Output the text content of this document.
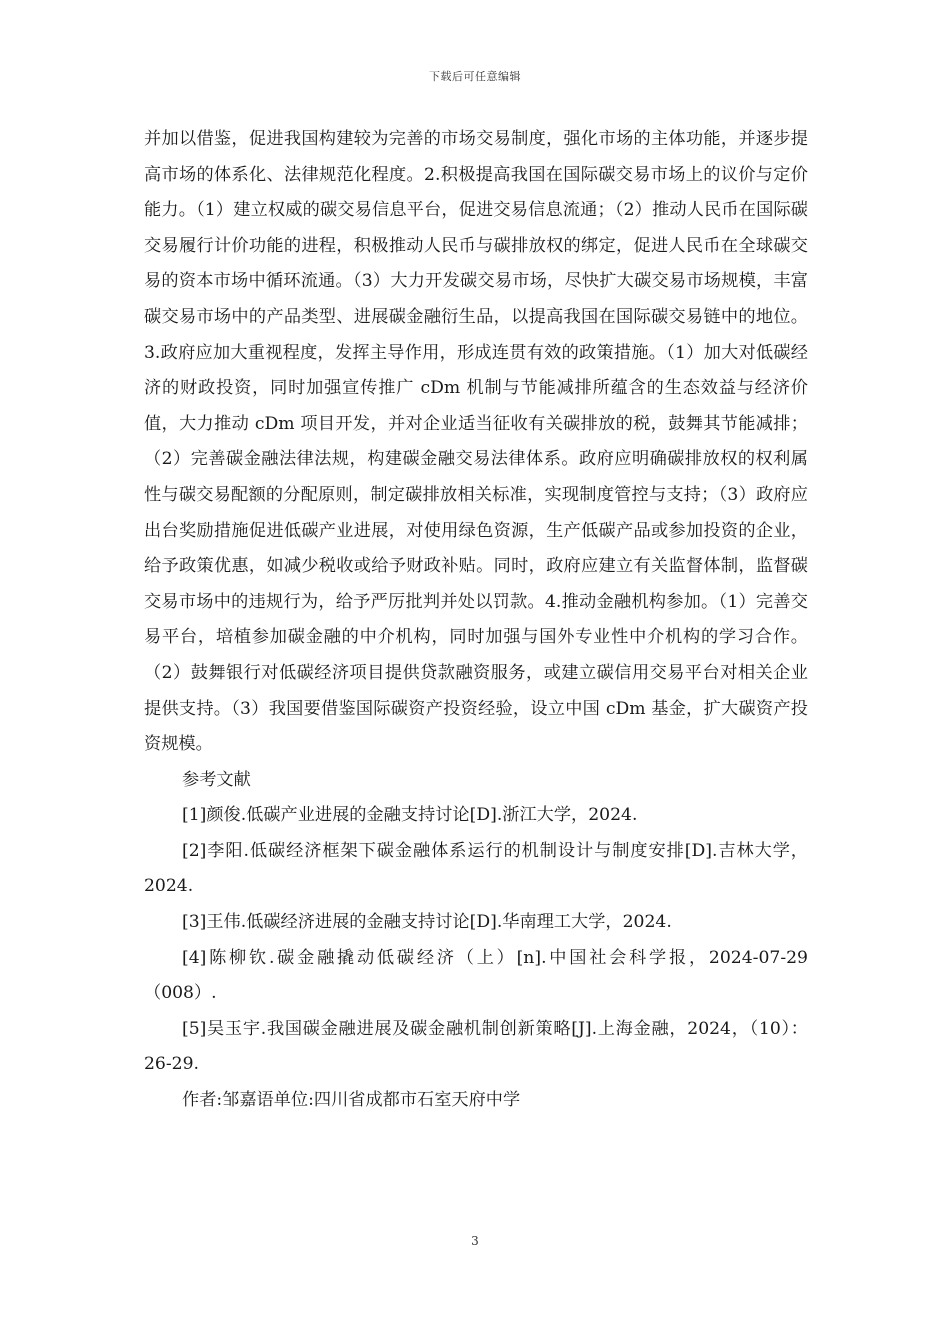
下载后可任意编辑

并加以借鉴，促进我国构建较为完善的市场交易制度，强化市场的主体功能，并逐步提高市场的体系化、法律规范化程度。2.积极提高我国在国际碳交易市场上的议价与定价能力。（1）建立权威的碳交易信息平台，促进交易信息流通；（2）推动人民币在国际碳交易履行计价功能的进程，积极推动人民币与碳排放权的绑定，促进人民币在全球碳交易的资本市场中循环流通。（3）大力开发碳交易市场，尽快扩大碳交易市场规模，丰富碳交易市场中的产品类型、进展碳金融衍生品，以提高我国在国际碳交易链中的地位。3.政府应加大重视程度，发挥主导作用，形成连贯有效的政策措施。（1）加大对低碳经济的财政投资，同时加强宣传推广 cDm 机制与节能减排所蕴含的生态效益与经济价值，大力推动 cDm 项目开发，并对企业适当征收有关碳排放的税，鼓舞其节能减排；（2）完善碳金融法律法规，构建碳金融交易法律体系。政府应明确碳排放权的权利属性与碳交易配额的分配原则，制定碳排放相关标准，实现制度管控与支持；（3）政府应出台奖励措施促进低碳产业进展，对使用绿色资源，生产低碳产品或参加投资的企业，给予政策优惠，如减少税收或给予财政补贴。同时，政府应建立有关监督体制，监督碳交易市场中的违规行为，给予严厉批判并处以罚款。4.推动金融机构参加。（1）完善交易平台，培植参加碳金融的中介机构，同时加强与国外专业性中介机构的学习合作。（2）鼓舞银行对低碳经济项目提供贷款融资服务，或建立碳信用交易平台对相关企业提供支持。（3）我国要借鉴国际碳资产投资经验，设立中国 cDm 基金，扩大碳资产投资规模。

参考文献

[1]颜俊.低碳产业进展的金融支持讨论[D].浙江大学，2024.

[2]李阳.低碳经济框架下碳金融体系运行的机制设计与制度安排[D].吉林大学，2024.

[3]王伟.低碳经济进展的金融支持讨论[D].华南理工大学，2024.

[4]陈柳钦.碳金融撬动低碳经济（上）[n].中国社会科学报，2024-07-29（008）.

[5]吴玉宇.我国碳金融进展及碳金融机制创新策略[J].上海金融，2024，（10）：26-29.

作者:邹嘉语单位:四川省成都市石室天府中学

3
